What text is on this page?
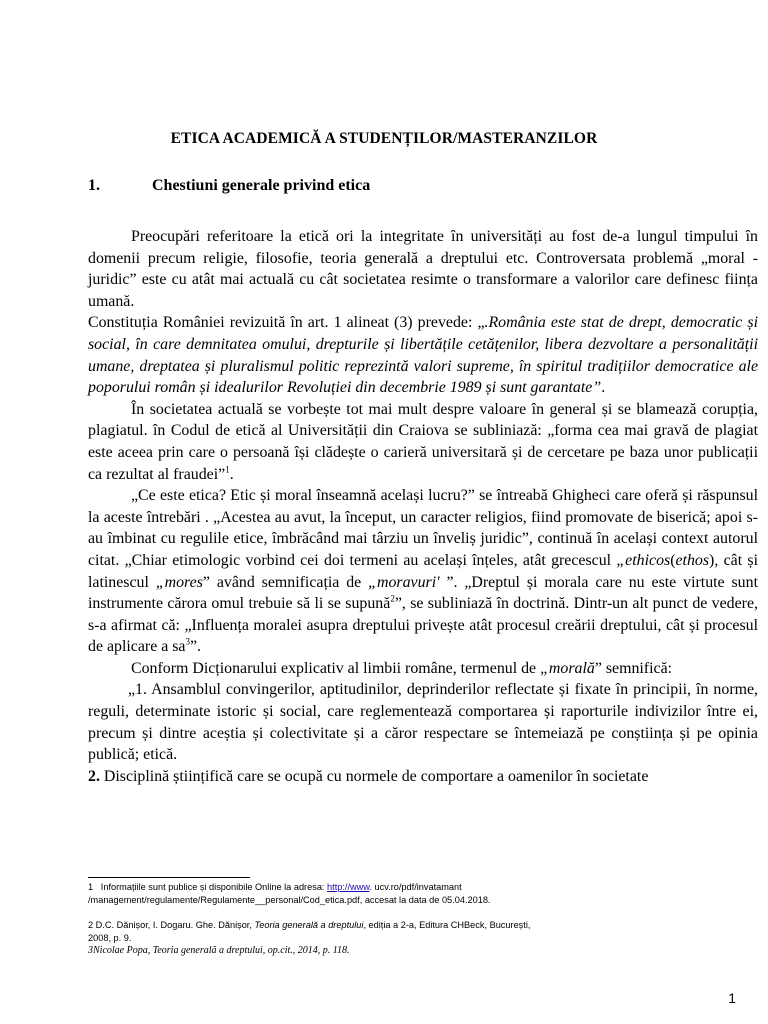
ETICA ACADEMICĂ A STUDENȚILOR/MASTERANZILOR
1.	Chestiuni generale privind etica

Preocupări referitoare la etică ori la integritate în universități au fost de-a lungul timpului în domenii precum religie, filosofie, teoria generală a dreptului etc. Controversata problemă „moral - juridic” este cu atât mai actuală cu cât societatea resimte o transformare a valorilor care definesc ființa umană.

Constituția României revizuită în art. 1 alineat (3) prevede: „.România este stat de drept, democratic și social, în care demnitatea omului, drepturile și libertățile cetățenilor, libera dezvoltare a personalității umane, dreptatea și pluralismul politic reprezintă valori supreme, în spiritul tradițiilor democratice ale poporului român și idealurilor Revoluției din decembrie 1989 și sunt garantate”.

În societatea actuală se vorbește tot mai mult despre valoare în general și se blamează corupția, plagiatul. în Codul de etică al Universității din Craiova se subliniază: „forma cea mai gravă de plagiat este aceea prin care o persoană își clădește o carieră universitară și de cercetare pe baza unor publicații ca rezultat al fraudei”$^1$.

„Ce este etica? Etic și moral înseamnă același lucru?” se întreabă Ghigheci care oferă și răspunsul la aceste întrebări . „Acestea au avut, la început, un caracter religios, fiind promovate de biserică; apoi s-au îmbinat cu regulile etice, îmbrăcând mai târziu un înveliș juridic”, continuă în același context autorul citat. „Chiar etimologic vorbind cei doi termeni au același înțeles, atât grecescul „ethicos(ethos), cât și latinescul „mores” având semnificația de „moravuri' ”. „Dreptul și morala care nu este virtute sunt instrumente cărora omul trebuie să li se supună$^2$”, se subliniază în doctrină. Dintr-un alt punct de vedere, s-a afirmat că: „Influența moralei asupra dreptului privește atât procesul creării dreptului, cât și procesul de aplicare a $sa^3$”.

Conform Dicționarului explicativ al limbii române, termenul de „morală” semnifică:

„1. Ansamblul convingerilor, aptitudinilor, deprinderilor reflectate și fixate în principii, în norme, reguli, determinate istoric și social, care reglementează comportarea și raporturile indivizilor între ei, precum și dintre aceștia și colectivitate și a căror respectare se întemeiază pe conștiința și pe opinia publică; etică.

2. Disciplină științifică care se ocupă cu normele de comportare a oamenilor în societate

1 Informațiile sunt publice și disponibile Online la adresa: http://www. ucv.ro/pdf/invatamant /management/regulamente/Regulamente__personal/Cod_etica.pdf, accesat la data de 05.04.2018.
2 D.C. Dănișor, I. Dogaru. Ghe. Dănișor, Teoria generală a dreptului, ediția a 2-a, Editura CHBeck, București,
2008, p. 9.
3Nicolae Popa, Teoria generală a dreptului, op.cit., 2014, p. 118.
1
